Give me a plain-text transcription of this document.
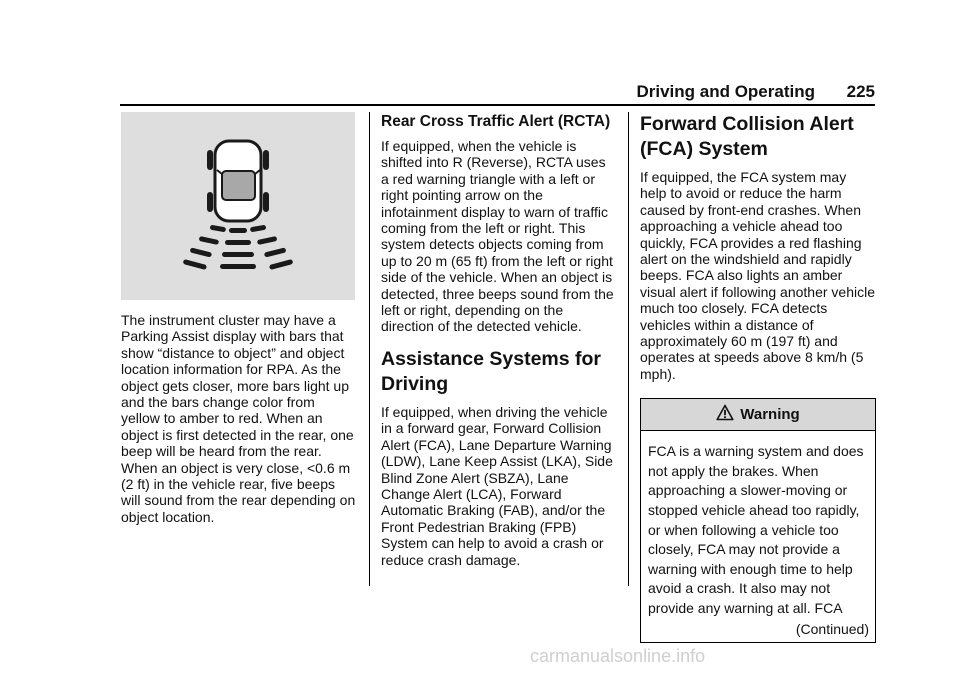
Driving and Operating 225

The instrument cluster may have a Parking Assist display with bars that show “distance to object” and object location information for RPA. As the object gets closer, more bars light up and the bars change color from yellow to amber to red. When an object is first detected in the rear, one beep will be heard from the rear. When an object is very close, <0.6 m (2 ft) in the vehicle rear, five beeps will sound from the rear depending on object location.

Rear Cross Traffic Alert (RCTA)

If equipped, when the vehicle is shifted into R (Reverse), RCTA uses a red warning triangle with a left or right pointing arrow on the infotainment display to warn of traffic coming from the left or right. This system detects objects coming from up to 20 m (65 ft) from the left or right side of the vehicle. When an object is detected, three beeps sound from the left or right, depending on the direction of the detected vehicle.

Assistance Systems for Driving

If equipped, when driving the vehicle in a forward gear, Forward Collision Alert (FCA), Lane Departure Warning (LDW), Lane Keep Assist (LKA), Side Blind Zone Alert (SBZA), Lane Change Alert (LCA), Forward Automatic Braking (FAB), and/or the Front Pedestrian Braking (FPB) System can help to avoid a crash or reduce crash damage.

Forward Collision Alert (FCA) System

If equipped, the FCA system may help to avoid or reduce the harm caused by front-end crashes. When approaching a vehicle ahead too quickly, FCA provides a red flashing alert on the windshield and rapidly beeps. FCA also lights an amber visual alert if following another vehicle much too closely. FCA detects vehicles within a distance of approximately 60 m (197 ft) and operates at speeds above 8 km/h (5 mph).

Warning
FCA is a warning system and does not apply the brakes. When approaching a slower-moving or stopped vehicle ahead too rapidly, or when following a vehicle too closely, FCA may not provide a warning with enough time to help avoid a crash. It also may not provide any warning at all. FCA
(Continued)
carmanualsonline.info
